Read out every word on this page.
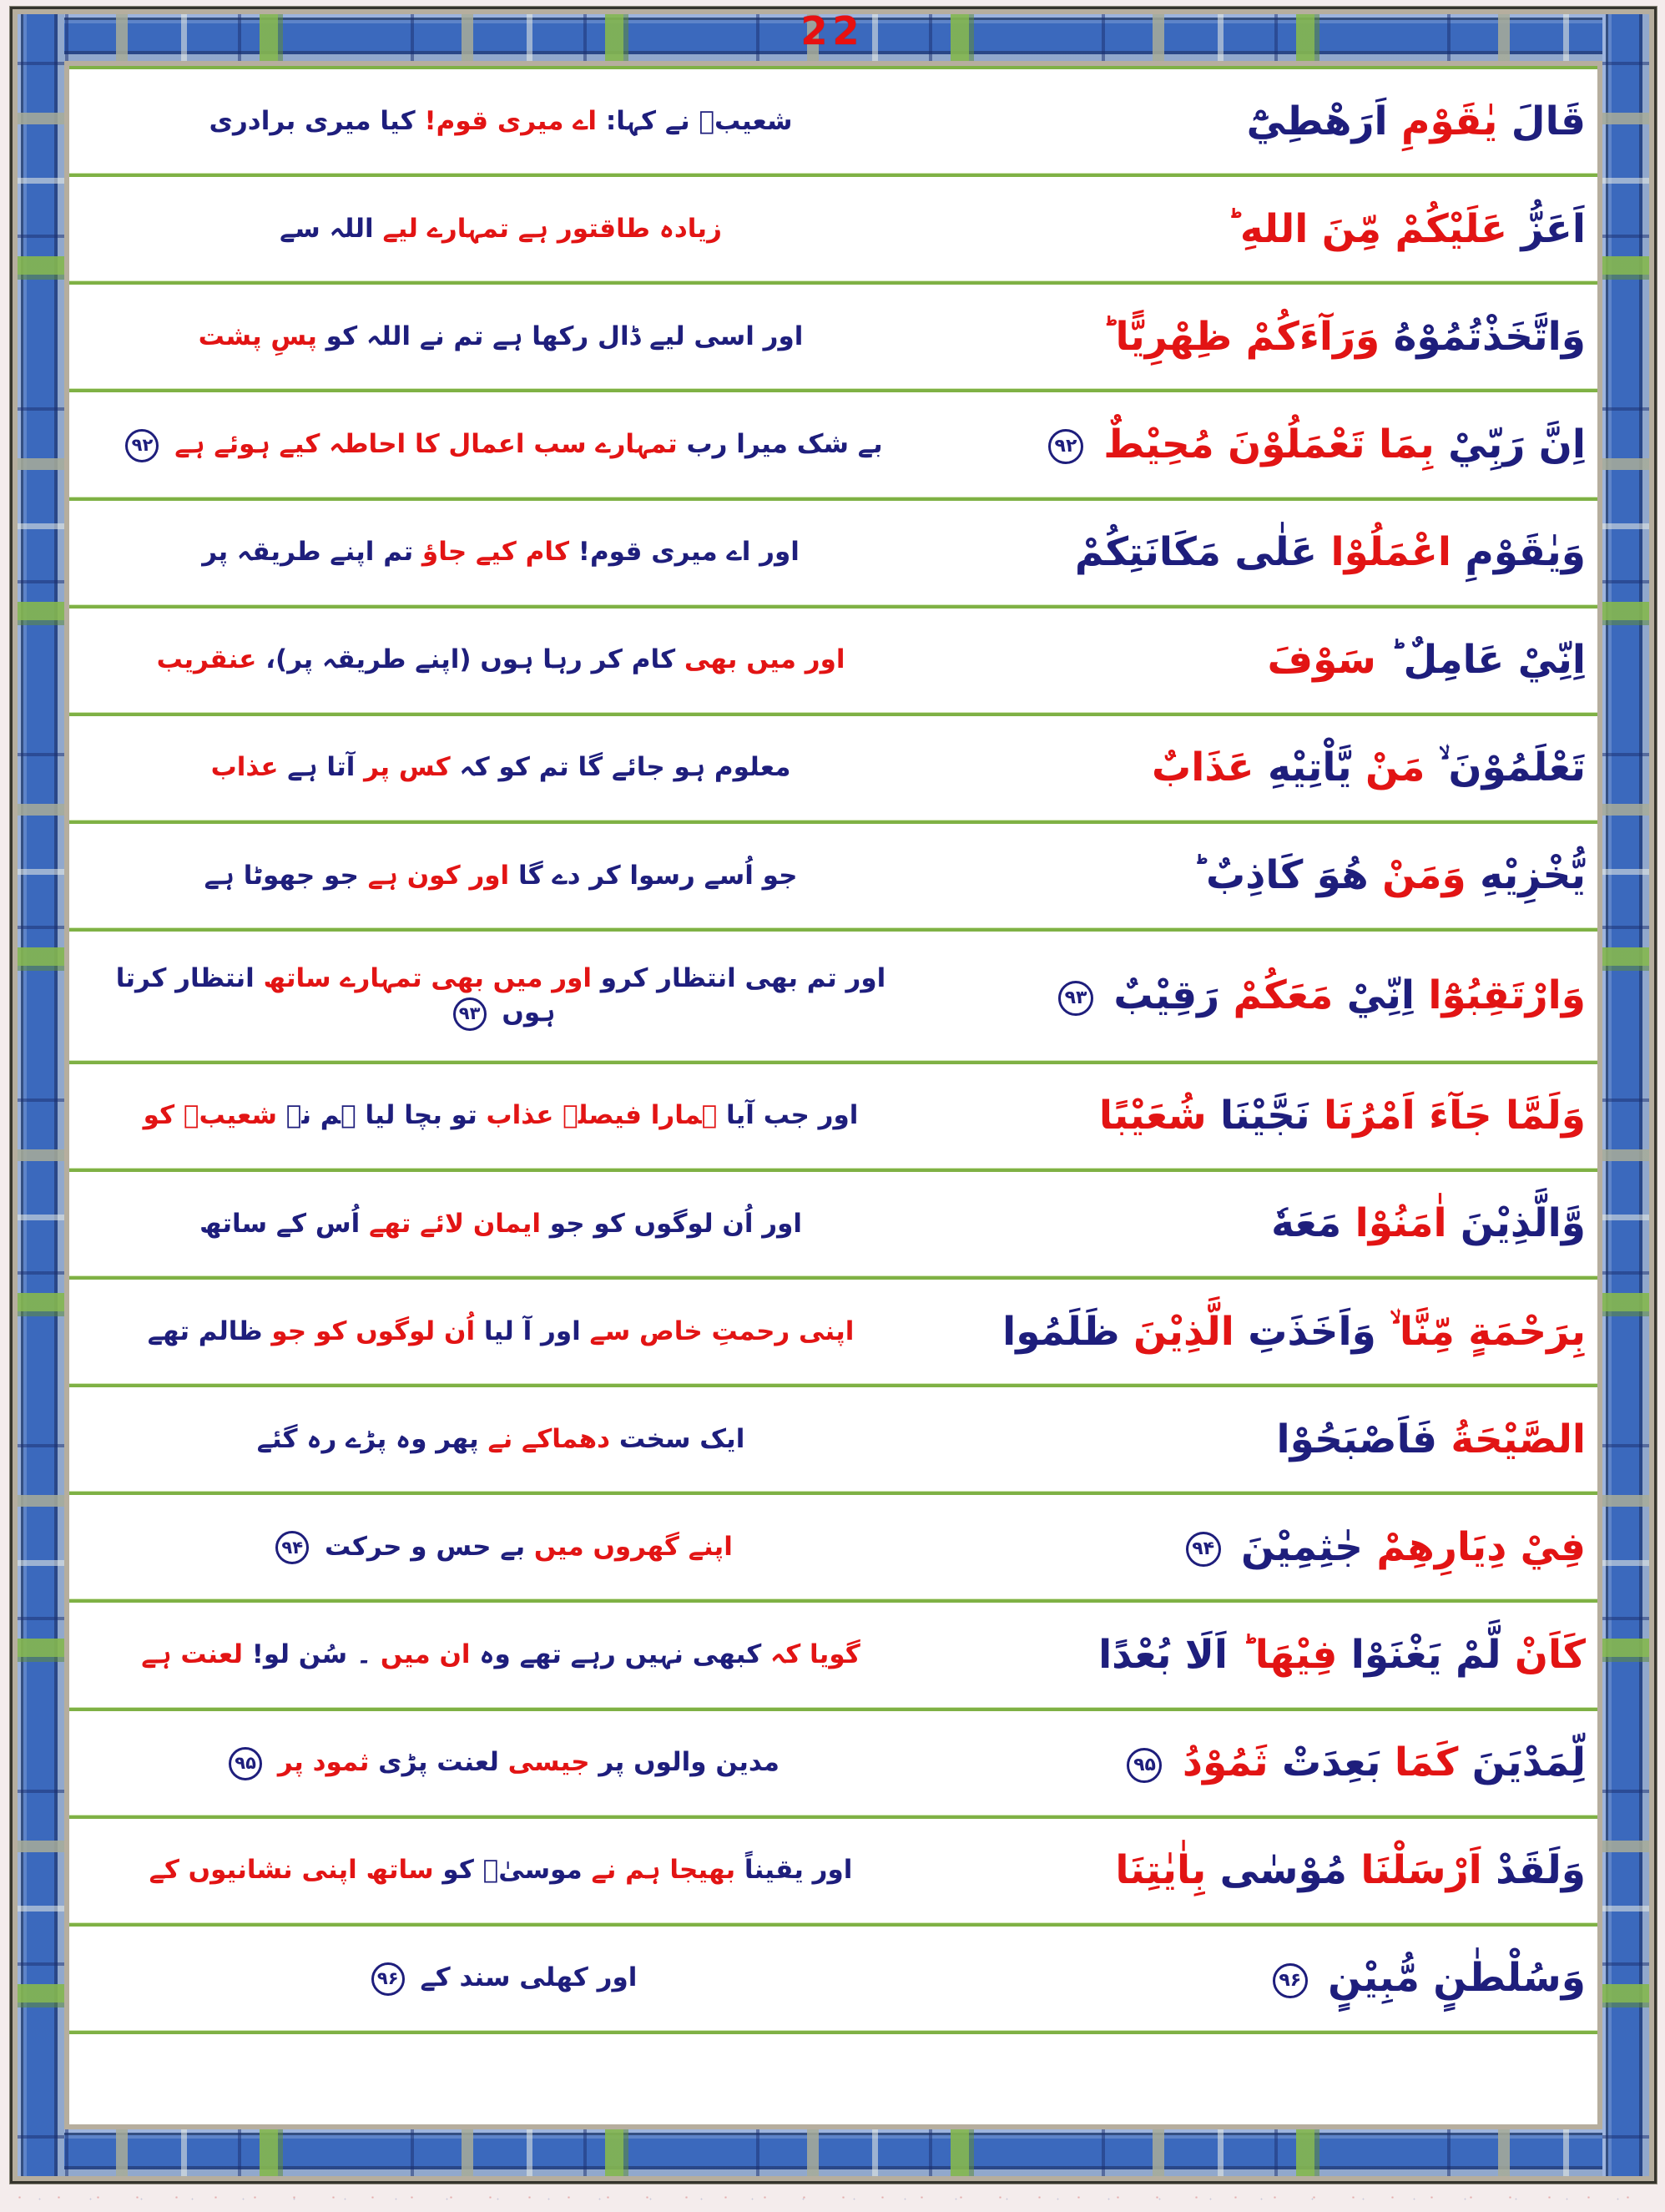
22
شعیبؑ نے کہا: اے میری قوم! کیا میری برادری	قَالَ يٰقَوْمِ اَرَهْطِيْٓ
زیادہ طاقتور ہے تمہارے لیے اللہ سے	اَعَزُّ عَلَيْكُمْ مِّنَ اللهِ ؕ
اور اسی لیے ڈال رکھا ہے تم نے اللہ کو پسِ پشت	وَاتَّخَذْتُمُوْهُ وَرَآءَكُمْ ظِهْرِيًّا ؕ
بے شک میرا رب تمہارے سب اعمال کا احاطہ کیے ہوئے ہے ۹۲	اِنَّ رَبِّيْ بِمَا تَعْمَلُوْنَ مُحِيْطٌ ۹۲
اور اے میری قوم! کام کیے جاؤ تم اپنے طریقہ پر	وَيٰقَوْمِ اعْمَلُوْا عَلٰى مَكَانَتِكُمْ
اور میں بھی کام کر رہا ہوں (اپنے طریقہ پر)، عنقریب	اِنِّيْ عَامِلٌ ؕ سَوْفَ
معلوم ہو جائے گا تم کو کہ کس پر آتا ہے عذاب	تَعْلَمُوْنَ ۙ مَنْ يَّاْتِيْهِ عَذَابٌ
جو اُسے رسوا کر دے گا اور کون ہے جو جھوٹا ہے	يُّخْزِيْهِ وَمَنْ هُوَ كَاذِبٌ ؕ
اور تم بھی انتظار کرو اور میں بھی تمہارے ساتھ انتظار کرتا ہوں ۹۳	وَارْتَقِبُوْٓا اِنِّيْ مَعَكُمْ رَقِيْبٌ ۹۳
اور جب آیا ہمارا فیصلہ عذاب تو بچا لیا ہم نے شعیبؑ کو	وَلَمَّا جَآءَ اَمْرُنَا نَجَّيْنَا شُعَيْبًا
اور اُن لوگوں کو جو ایمان لائے تھے اُس کے ساتھ	وَّالَّذِيْنَ اٰمَنُوْا مَعَهٗ
اپنی رحمتِ خاص سے اور آ لیا اُن لوگوں کو جو ظالم تھے	بِرَحْمَةٍ مِّنَّا ۙ وَاَخَذَتِ الَّذِيْنَ ظَلَمُوا
ایک سخت دھماکے نے پھر وہ پڑے رہ گئے	الصَّيْحَةُ فَاَصْبَحُوْا
اپنے گھروں میں بے حس و حرکت ۹۴	فِيْ دِيَارِهِمْ جٰثِمِيْنَ ۹۴
گویا کہ کبھی نہیں رہے تھے وہ ان میں ۔ سُن لو! لعنت ہے	كَاَنْ لَّمْ يَغْنَوْا فِيْهَا ؕ اَلَا بُعْدًا
مدین والوں پر جیسی لعنت پڑی ثمود پر ۹۵	لِّمَدْيَنَ كَمَا بَعِدَتْ ثَمُوْدُ ۹۵
اور یقیناً بھیجا ہم نے موسیٰؑ کو ساتھ اپنی نشانیوں کے	وَلَقَدْ اَرْسَلْنَا مُوْسٰى بِاٰيٰتِنَا
اور کھلی سند کے ۹۶	وَسُلْطٰنٍ مُّبِيْنٍ ۹۶
